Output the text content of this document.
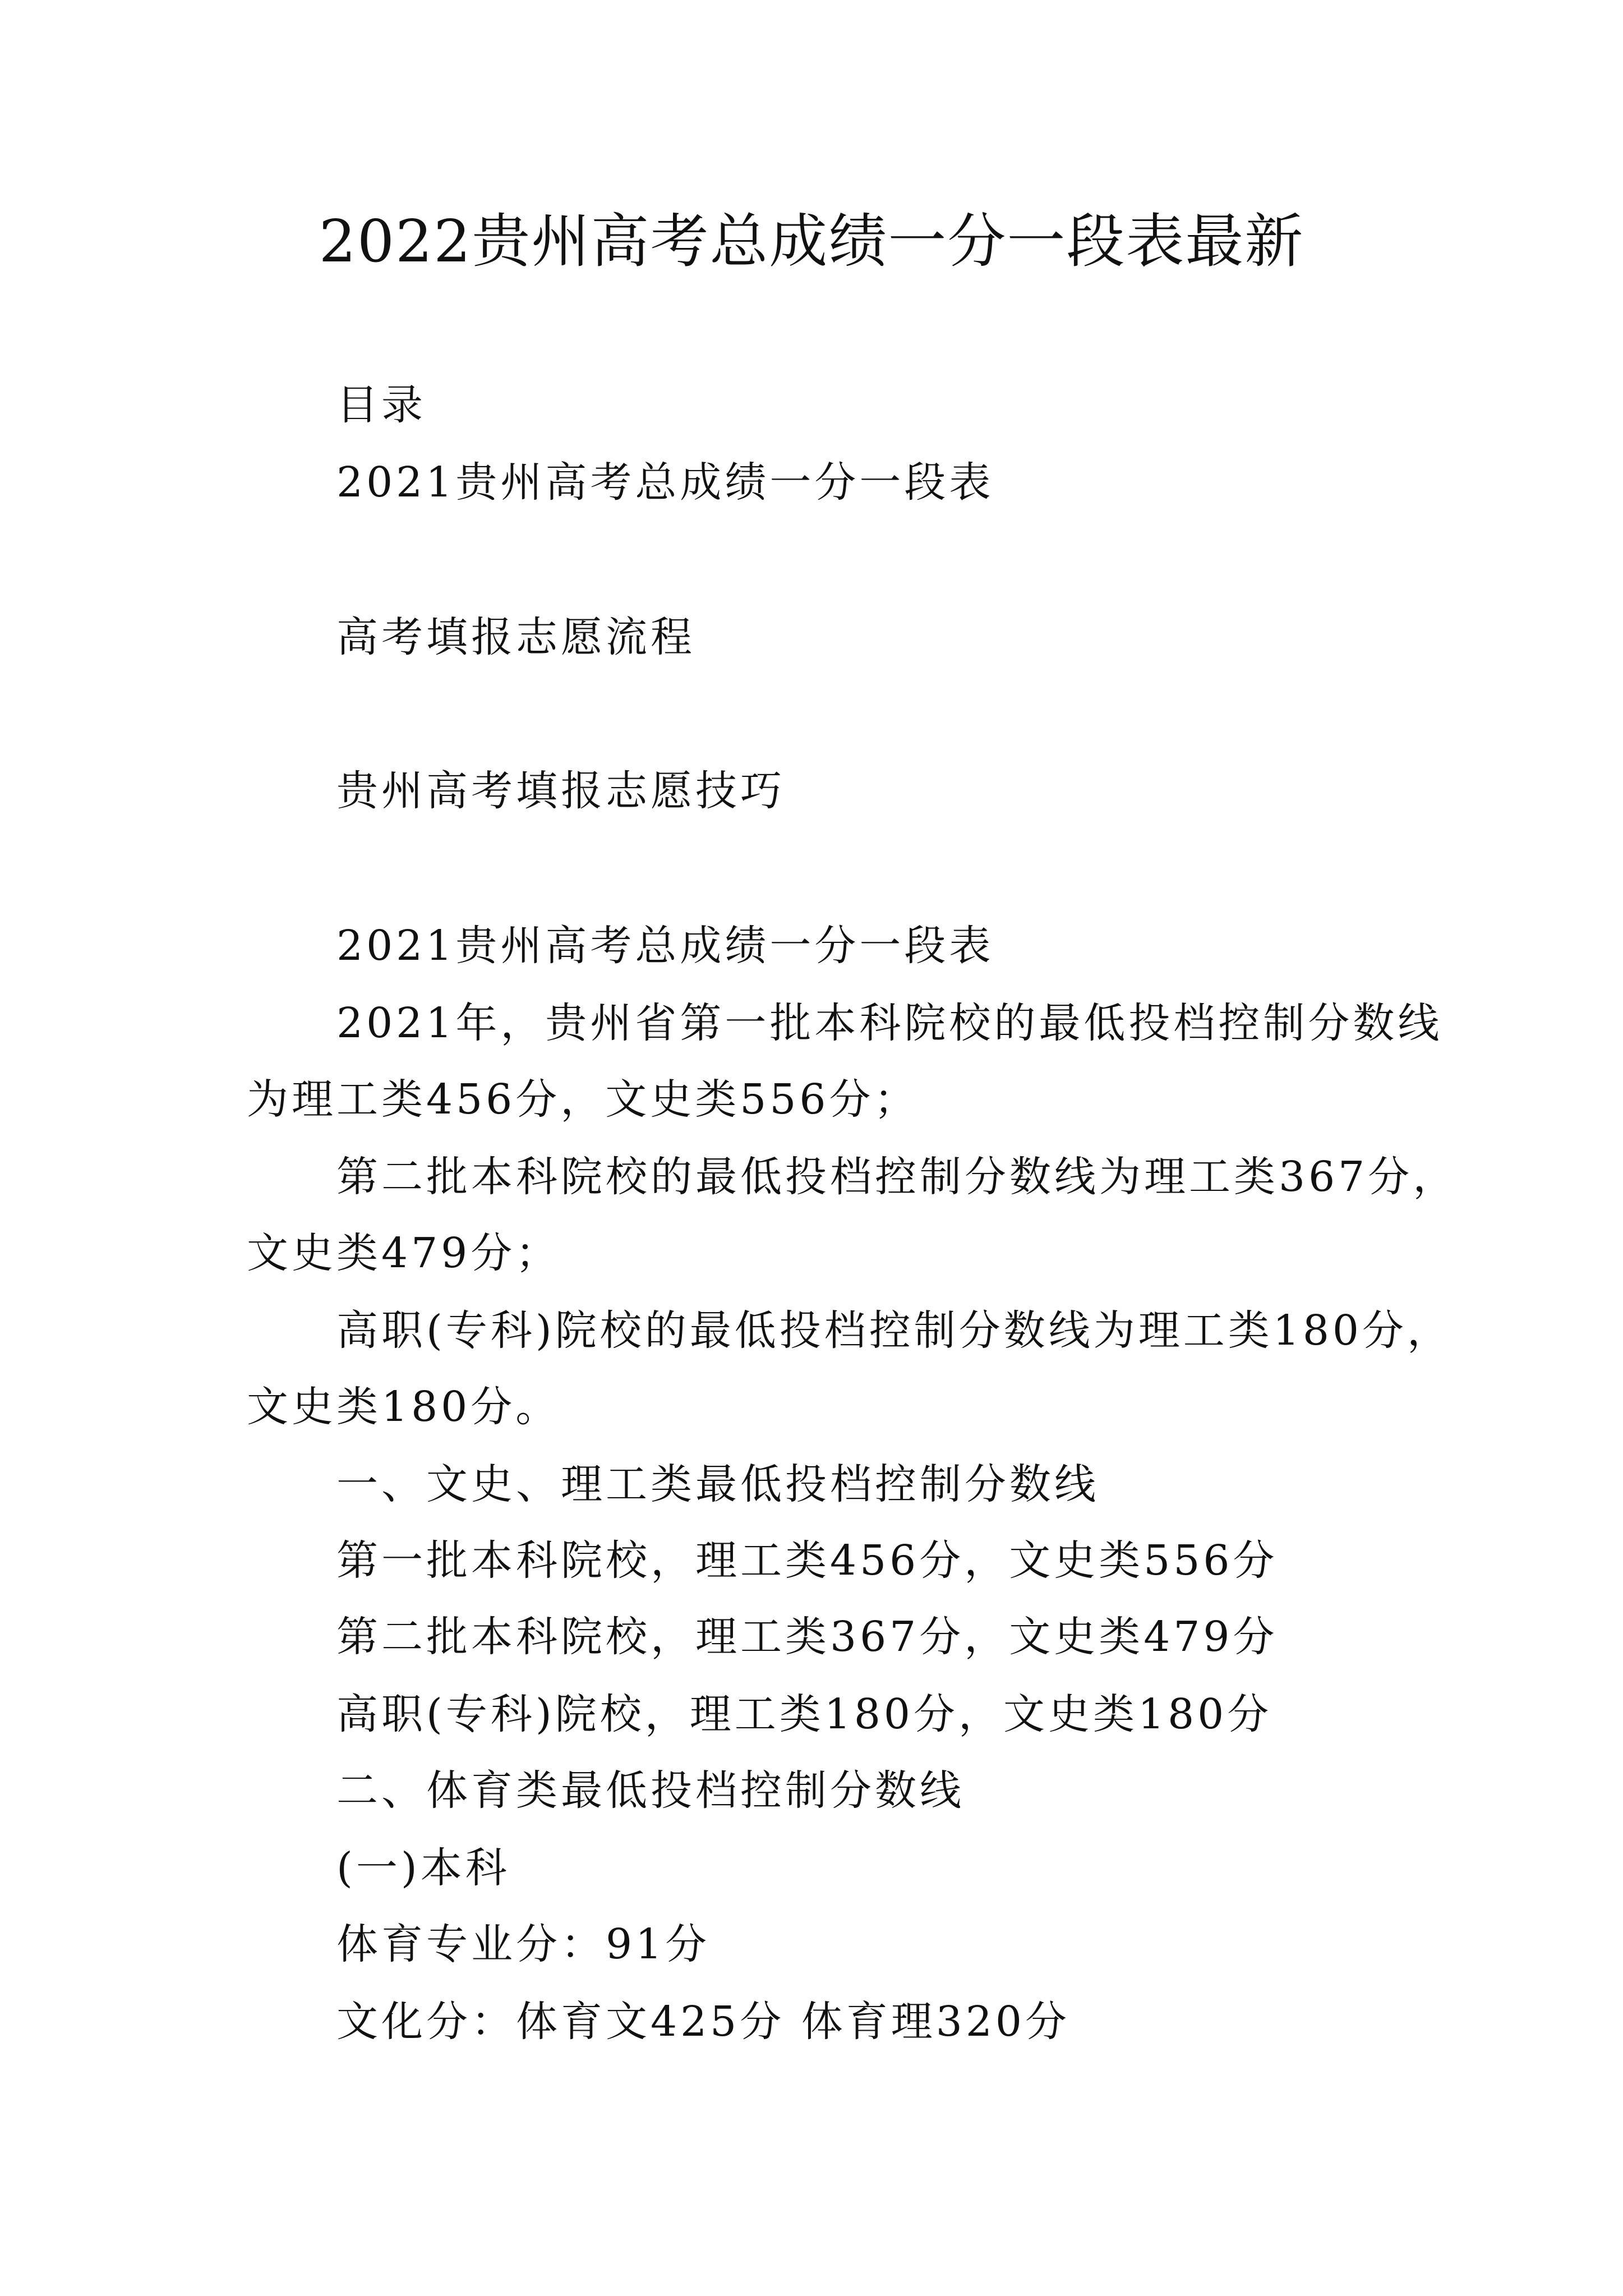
2022贵州高考总成绩一分一段表最新

目录

2021贵州高考总成绩一分一段表

高考填报志愿流程

贵州高考填报志愿技巧

2021贵州高考总成绩一分一段表

2021年，贵州省第一批本科院校的最低投档控制分数线

为理工类456分，文史类556分；

第二批本科院校的最低投档控制分数线为理工类367分，

文史类479分；

高职(专科)院校的最低投档控制分数线为理工类180分，

文史类180分。

一、文史、理工类最低投档控制分数线

第一批本科院校，理工类456分，文史类556分

第二批本科院校，理工类367分，文史类479分

高职(专科)院校，理工类180分，文史类180分

二、体育类最低投档控制分数线

(一)本科

体育专业分：91分

文化分：体育文425分 体育理320分
